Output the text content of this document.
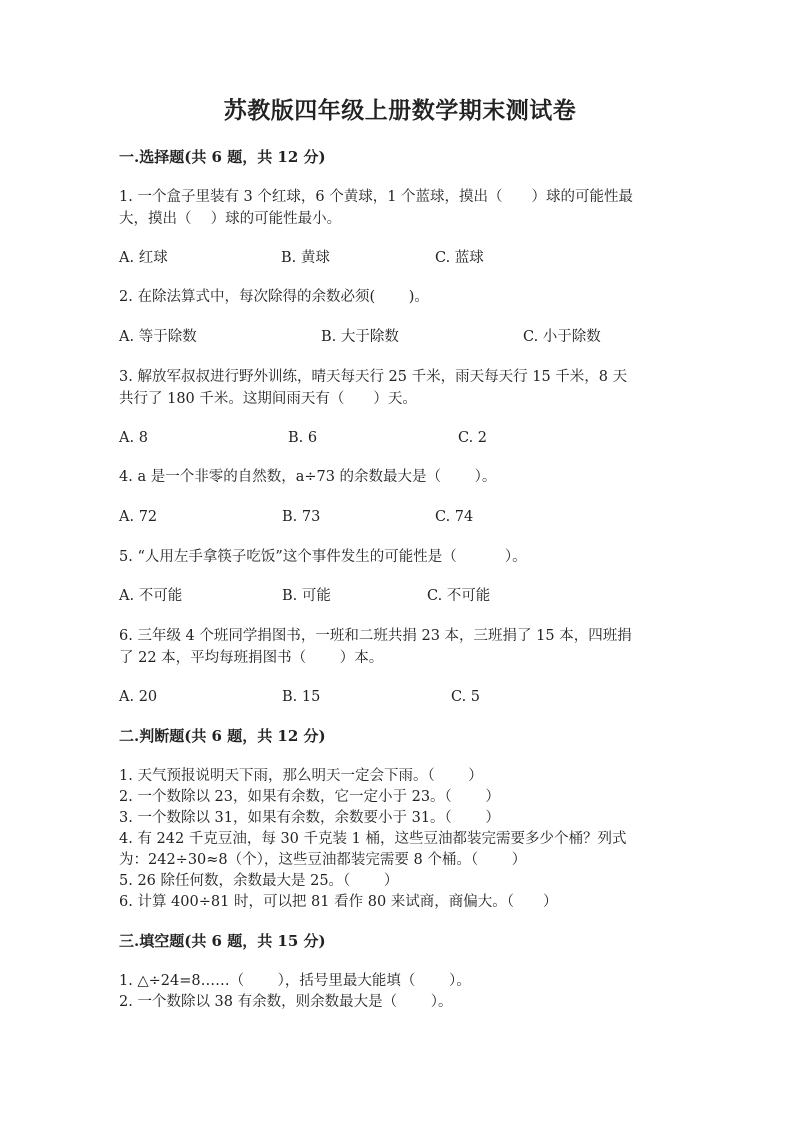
苏教版四年级上册数学期末测试卷
一.选择题(共 6 题，共 12 分)
1. 一个盒子里装有 3 个红球，6 个黄球，1 个蓝球，摸出（　　）球的可能性最
大，摸出（　 ）球的可能性最小。
A. 红球	B. 黄球	C. 蓝球
2. 在除法算式中，每次除得的余数必须(　　 )。
A. 等于除数	B. 大于除数	C. 小于除数
3. 解放军叔叔进行野外训练，晴天每天行 25 千米，雨天每天行 15 千米，8 天
共行了 180 千米。这期间雨天有（　　）天。
A. 8	B. 6	C. 2
4. a 是一个非零的自然数，a÷73 的余数最大是（　　 ）。
A. 72	B. 73	C. 74
5. “人用左手拿筷子吃饭”这个事件发生的可能性是（　　　 ）。
A. 不可能	B. 可能	C. 不可能
6. 三年级 4 个班同学捐图书，一班和二班共捐 23 本，三班捐了 15 本，四班捐
了 22 本，平均每班捐图书（　　 ）本。
A. 20	B. 15	C. 5
二.判断题(共 6 题，共 12 分)
1. 天气预报说明天下雨，那么明天一定会下雨。（　　 ）
2. 一个数除以 23，如果有余数，它一定小于 23。（　　 ）
3. 一个数除以 31，如果有余数，余数要小于 31。（　　 ）
4. 有 242 千克豆油，每 30 千克装 1 桶，这些豆油都装完需要多少个桶？列式
为：242÷30≈8（个），这些豆油都装完需要 8 个桶。（　　 ）
5. 26 除任何数，余数最大是 25。（　　 ）
6. 计算 400÷81 时，可以把 81 看作 80 来试商，商偏大。（　　）
三.填空题(共 6 题，共 15 分)
1. △÷24=8……（　　 ），括号里最大能填（　　 ）。
2. 一个数除以 38 有余数，则余数最大是（　　 ）。
